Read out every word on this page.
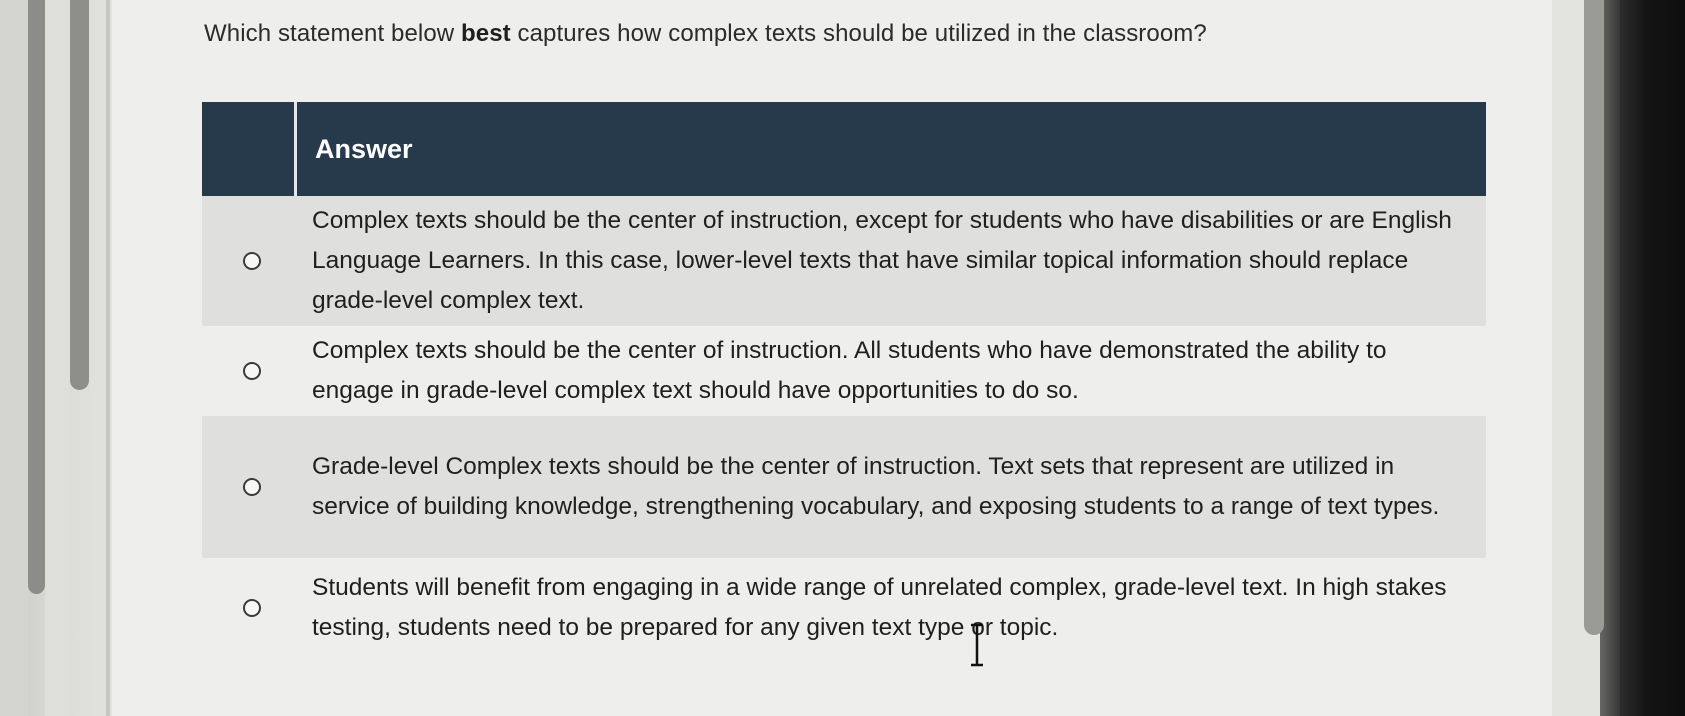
Which statement below best captures how complex texts should be utilized in the classroom?
Answer
Complex texts should be the center of instruction, except for students who have disabilities or are English Language Learners. In this case, lower-level texts that have similar topical information should replace grade-level complex text.
Complex texts should be the center of instruction. All students who have demonstrated the ability to engage in grade-level complex text should have opportunities to do so.
Grade-level Complex texts should be the center of instruction. Text sets that represent are utilized in service of building knowledge, strengthening vocabulary, and exposing students to a range of text types.
Students will benefit from engaging in a wide range of unrelated complex, grade-level text. In high stakes testing, students need to be prepared for any given text type or topic.
